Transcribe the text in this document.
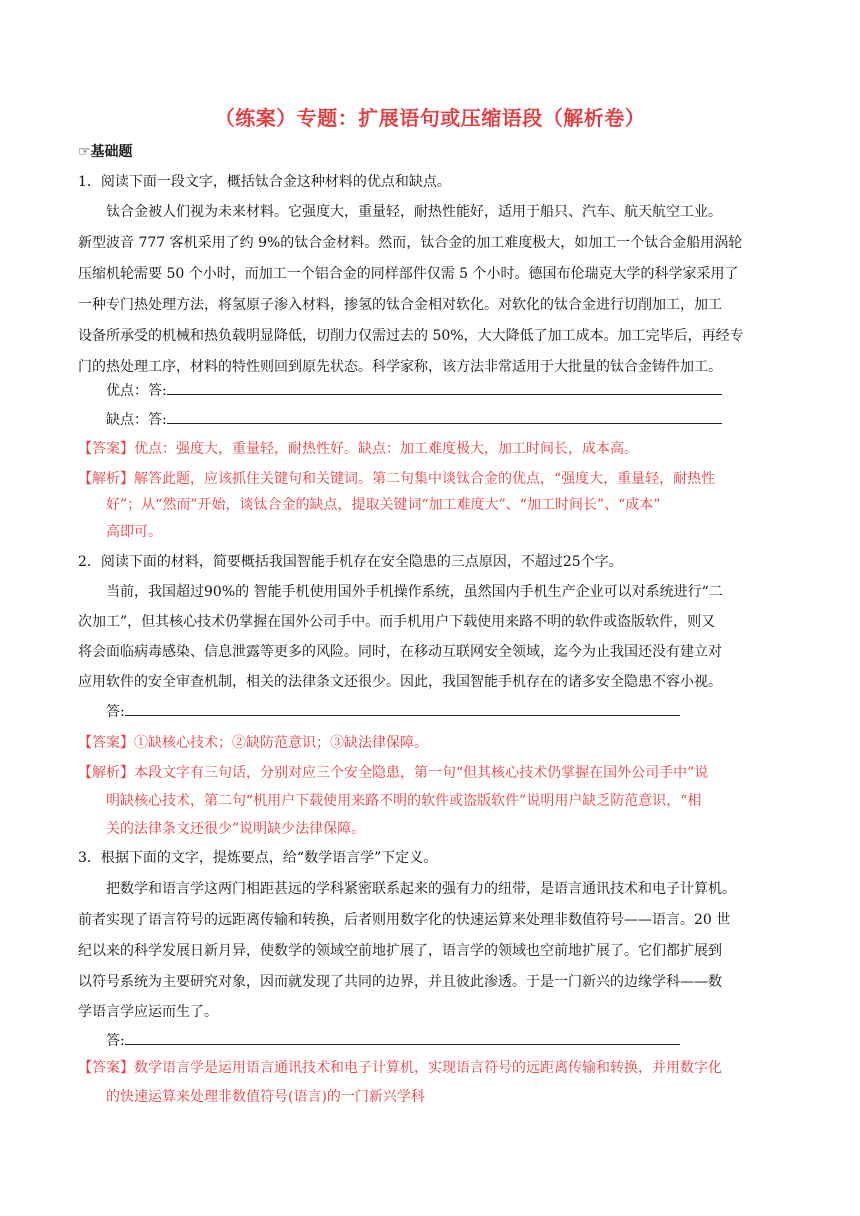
（练案）专题：扩展语句或压缩语段（解析卷）
☞基础题
1．阅读下面一段文字，概括钛合金这种材料的优点和缺点。
钛合金被人们视为未来材料。它强度大，重量轻，耐热性能好，适用于船只、汽车、航天航空工业。
新型波音 777 客机采用了约 9%的钛合金材料。然而，钛合金的加工难度极大，如加工一个钛合金船用涡轮
压缩机轮需要 50 个小时，而加工一个铝合金的同样部件仅需 5 个小时。德国布伦瑞克大学的科学家采用了
一种专门热处理方法，将氢原子渗入材料，掺氢的钛合金相对软化。对软化的钛合金进行切削加工，加工
设备所承受的机械和热负载明显降低，切削力仅需过去的 50%，大大降低了加工成本。加工完毕后，再经专
门的热处理工序，材料的特性则回到原先状态。科学家称，该方法非常适用于大批量的钛合金铸件加工。
优点：答:
缺点：答:
【答案】优点：强度大，重量轻，耐热性好。缺点：加工难度极大，加工时间长，成本高。
【解析】解答此题，应该抓住关键句和关键词。第二句集中谈钛合金的优点，“强度大，重量轻，耐热性
好”；从“然而”开始，谈钛合金的缺点，提取关键词“加工难度大”、“加工时间长”、“成本”
高即可。
2．阅读下面的材料，简要概括我国智能手机存在安全隐患的三点原因，不超过25个字。
当前，我国超过90%的 智能手机使用国外手机操作系统，虽然国内手机生产企业可以对系统进行“二
次加工”，但其核心技术仍掌握在国外公司手中。而手机用户下载使用来路不明的软件或盗版软件，则又
将会面临病毒感染、信息泄露等更多的风险。同时，在移动互联网安全领域，迄今为止我国还没有建立对
应用软件的安全审查机制，相关的法律条文还很少。因此，我国智能手机存在的诸多安全隐患不容小视。
答:
【答案】①缺核心技术；②缺防范意识；③缺法律保障。
【解析】本段文字有三句话，分别对应三个安全隐患，第一句“但其核心技术仍掌握在国外公司手中”说
明缺核心技术，第二句“机用户下载使用来路不明的软件或盗版软件”说明用户缺乏防范意识，“相
关的法律条文还很少”说明缺少法律保障。
3．根据下面的文字，提炼要点，给“数学语言学”下定义。
把数学和语言学这两门相距甚远的学科紧密联系起来的强有力的纽带，是语言通讯技术和电子计算机。
前者实现了语言符号的远距离传输和转换，后者则用数字化的快速运算来处理非数值符号——语言。20 世
纪以来的科学发展日新月异，使数学的领域空前地扩展了，语言学的领域也空前地扩展了。它们都扩展到
以符号系统为主要研究对象，因而就发现了共同的边界，并且彼此渗透。于是一门新兴的边缘学科——数
学语言学应运而生了。
答:
【答案】数学语言学是运用语言通讯技术和电子计算机，实现语言符号的远距离传输和转换，并用数字化
的快速运算来处理非数值符号(语言)的一门新兴学科
